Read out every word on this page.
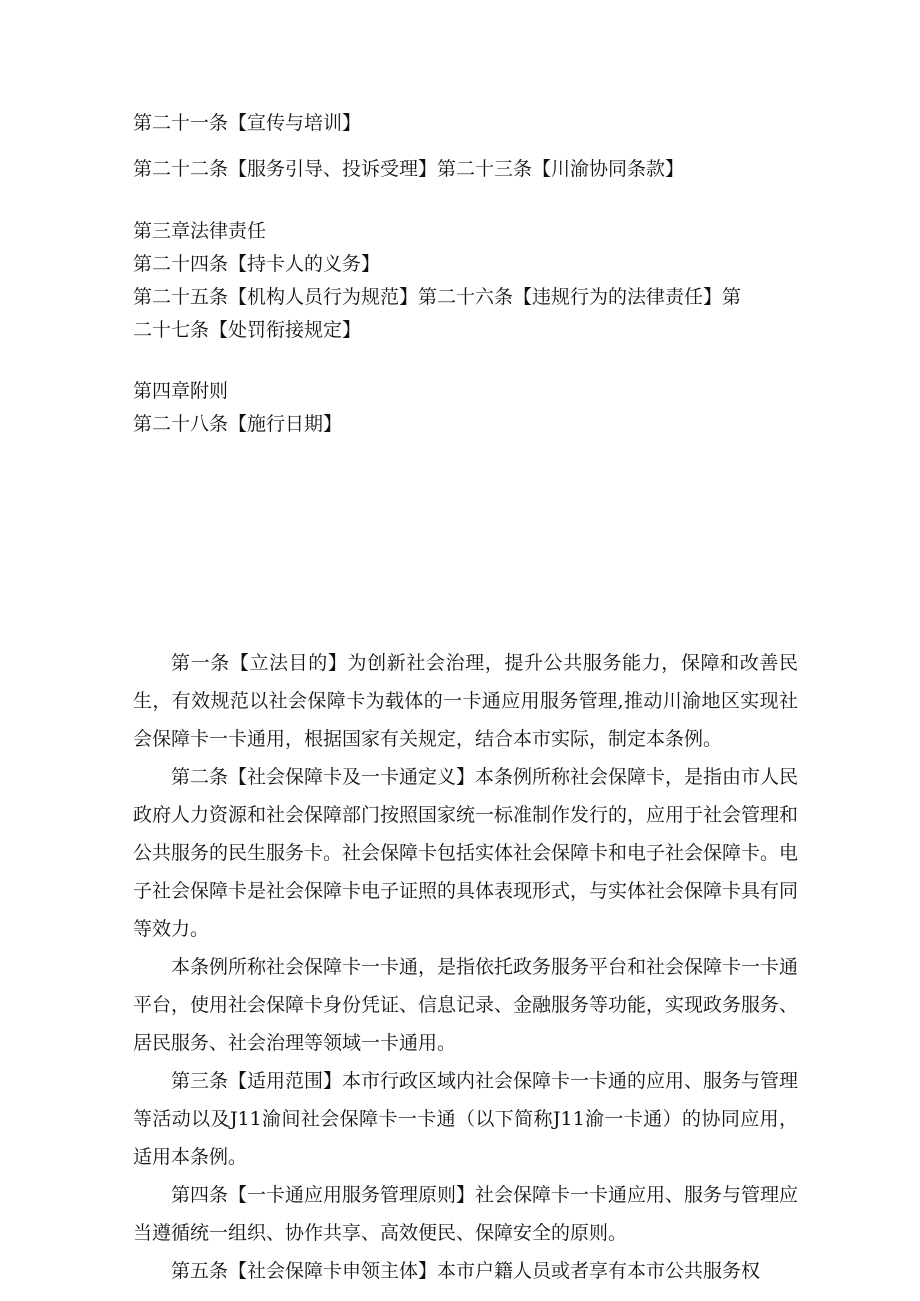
第二十一条【宣传与培训】
第二十二条【服务引导、投诉受理】第二十三条【川渝协同条款】
第三章法律责任
第二十四条【持卡人的义务】
第二十五条【机构人员行为规范】第二十六条【违规行为的法律责任】第
二十七条【处罚衔接规定】
第四章附则
第二十八条【施行日期】

第一条【立法目的】为创新社会治理，提升公共服务能力，保障和改善民生，有效规范以社会保障卡为载体的一卡通应用服务管理,推动川渝地区实现社会保障卡一卡通用，根据国家有关规定，结合本市实际，制定本条例。

第二条【社会保障卡及一卡通定义】本条例所称社会保障卡，是指由市人民政府人力资源和社会保障部门按照国家统一标准制作发行的，应用于社会管理和公共服务的民生服务卡。社会保障卡包括实体社会保障卡和电子社会保障卡。电子社会保障卡是社会保障卡电子证照的具体表现形式，与实体社会保障卡具有同等效力。

本条例所称社会保障卡一卡通，是指依托政务服务平台和社会保障卡一卡通平台，使用社会保障卡身份凭证、信息记录、金融服务等功能，实现政务服务、居民服务、社会治理等领域一卡通用。

第三条【适用范围】本市行政区域内社会保障卡一卡通的应用、服务与管理等活动以及J11渝间社会保障卡一卡通（以下简称J11渝一卡通）的协同应用，适用本条例。

第四条【一卡通应用服务管理原则】社会保障卡一卡通应用、服务与管理应当遵循统一组织、协作共享、高效便民、保障安全的原则。

第五条【社会保障卡申领主体】本市户籍人员或者享有本市公共服务权
